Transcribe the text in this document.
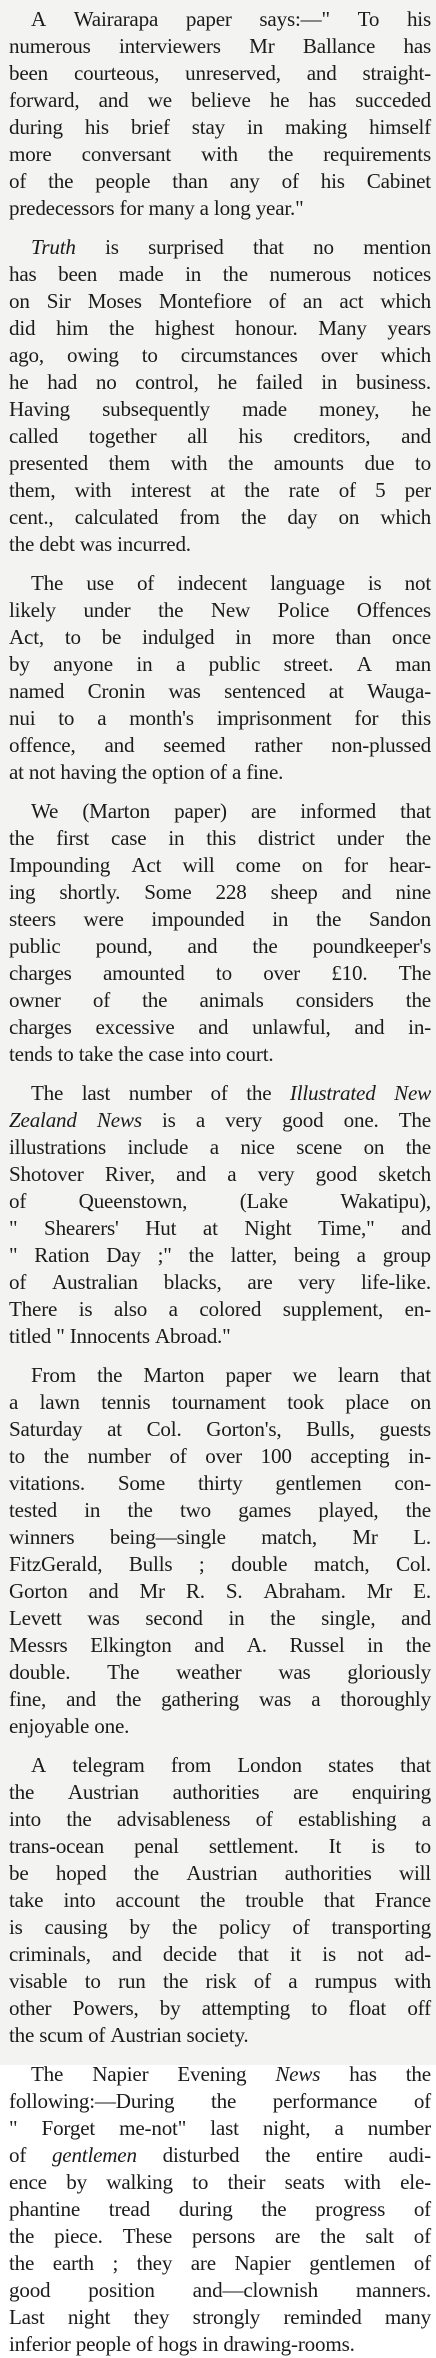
A Wairarapa paper says:—" To his
numerous interviewers Mr Ballance has
been courteous, unreserved, and straight-
forward, and we believe he has succeded
during his brief stay in making himself
more conversant with the requirements
of the people than any of his Cabinet
predecessors for many a long year."
Truth is surprised that no mention
has been made in the numerous notices
on Sir Moses Montefiore of an act which
did him the highest honour. Many years
ago, owing to circumstances over which
he had no control, he failed in business.
Having subsequently made money, he
called together all his creditors, and
presented them with the amounts due to
them, with interest at the rate of 5 per
cent., calculated from the day on which
the debt was incurred.
The use of indecent language is not
likely under the New Police Offences
Act, to be indulged in more than once
by anyone in a public street. A man
named Cronin was sentenced at Wauga-
nui to a month's imprisonment for this
offence, and seemed rather non-plussed
at not having the option of a fine.
We (Marton paper) are informed that
the first case in this district under the
Impounding Act will come on for hear-
ing shortly. Some 228 sheep and nine
steers were impounded in the Sandon
public pound, and the poundkeeper's
charges amounted to over £10. The
owner of the animals considers the
charges excessive and unlawful, and in-
tends to take the case into court.
The last number of the Illustrated New
Zealand News is a very good one. The
illustrations include a nice scene on the
Shotover River, and a very good sketch
of Queenstown, (Lake Wakatipu),
" Shearers' Hut at Night Time," and
" Ration Day ;" the latter, being a group
of Australian blacks, are very life-like.
There is also a colored supplement, en-
titled " Innocents Abroad."
From the Marton paper we learn that
a lawn tennis tournament took place on
Saturday at Col. Gorton's, Bulls, guests
to the number of over 100 accepting in-
vitations. Some thirty gentlemen con-
tested in the two games played, the
winners being—single match, Mr L.
FitzGerald, Bulls ; double match, Col.
Gorton and Mr R. S. Abraham. Mr E.
Levett was second in the single, and
Messrs Elkington and A. Russel in the
double. The weather was gloriously
fine, and the gathering was a thoroughly
enjoyable one.
A telegram from London states that
the Austrian authorities are enquiring
into the advisableness of establishing a
trans-ocean penal settlement. It is to
be hoped the Austrian authorities will
take into account the trouble that France
is causing by the policy of transporting
criminals, and decide that it is not ad-
visable to run the risk of a rumpus with
other Powers, by attempting to float off
the scum of Austrian society.
The Napier Evening News has the
following:—During the performance of
" Forget me-not" last night, a number
of gentlemen disturbed the entire audi-
ence by walking to their seats with ele-
phantine tread during the progress of
the piece. These persons are the salt of
the earth ; they are Napier gentlemen of
good position and—clownish manners.
Last night they strongly reminded many
inferior people of hogs in drawing-rooms.
